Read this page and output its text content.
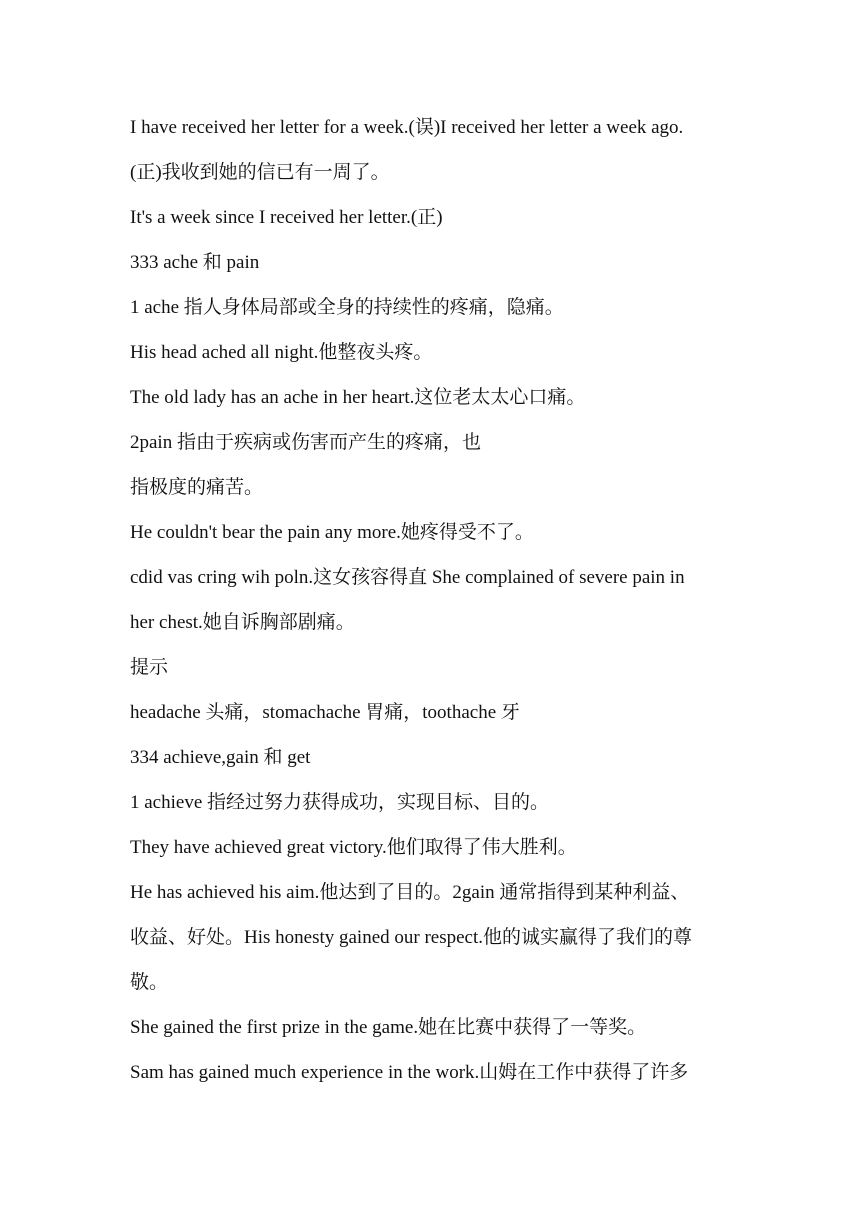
I have received her letter for a week.(误)I received her letter a week ago.
(正)我收到她的信已有一周了。
It's a week since I received her letter.(正)
333 ache 和 pain
1 ache 指人身体局部或全身的持续性的疼痛，隐痛。
His head ached all night.他整夜头疼。
The old lady has an ache in her heart.这位老太太心口痛。
2pain 指由于疾病或伤害而产生的疼痛，也
指极度的痛苦。
He couldn't bear the pain any more.她疼得受不了。
cdid vas cring wih poln.这女孩容得直 She complained of severe pain in
her chest.她自诉胸部剧痛。
提示
headache 头痛，stomachache 胃痛，toothache 牙
334 achieve,gain 和 get
1 achieve 指经过努力获得成功，实现目标、目的。
They have achieved great victory.他们取得了伟大胜利。
He has achieved his aim.他达到了目的。2gain 通常指得到某种利益、
收益、好处。His honesty gained our respect.他的诚实赢得了我们的尊
敬。
She gained the first prize in the game.她在比赛中获得了一等奖。
Sam has gained much experience in the work.山姆在工作中获得了许多
